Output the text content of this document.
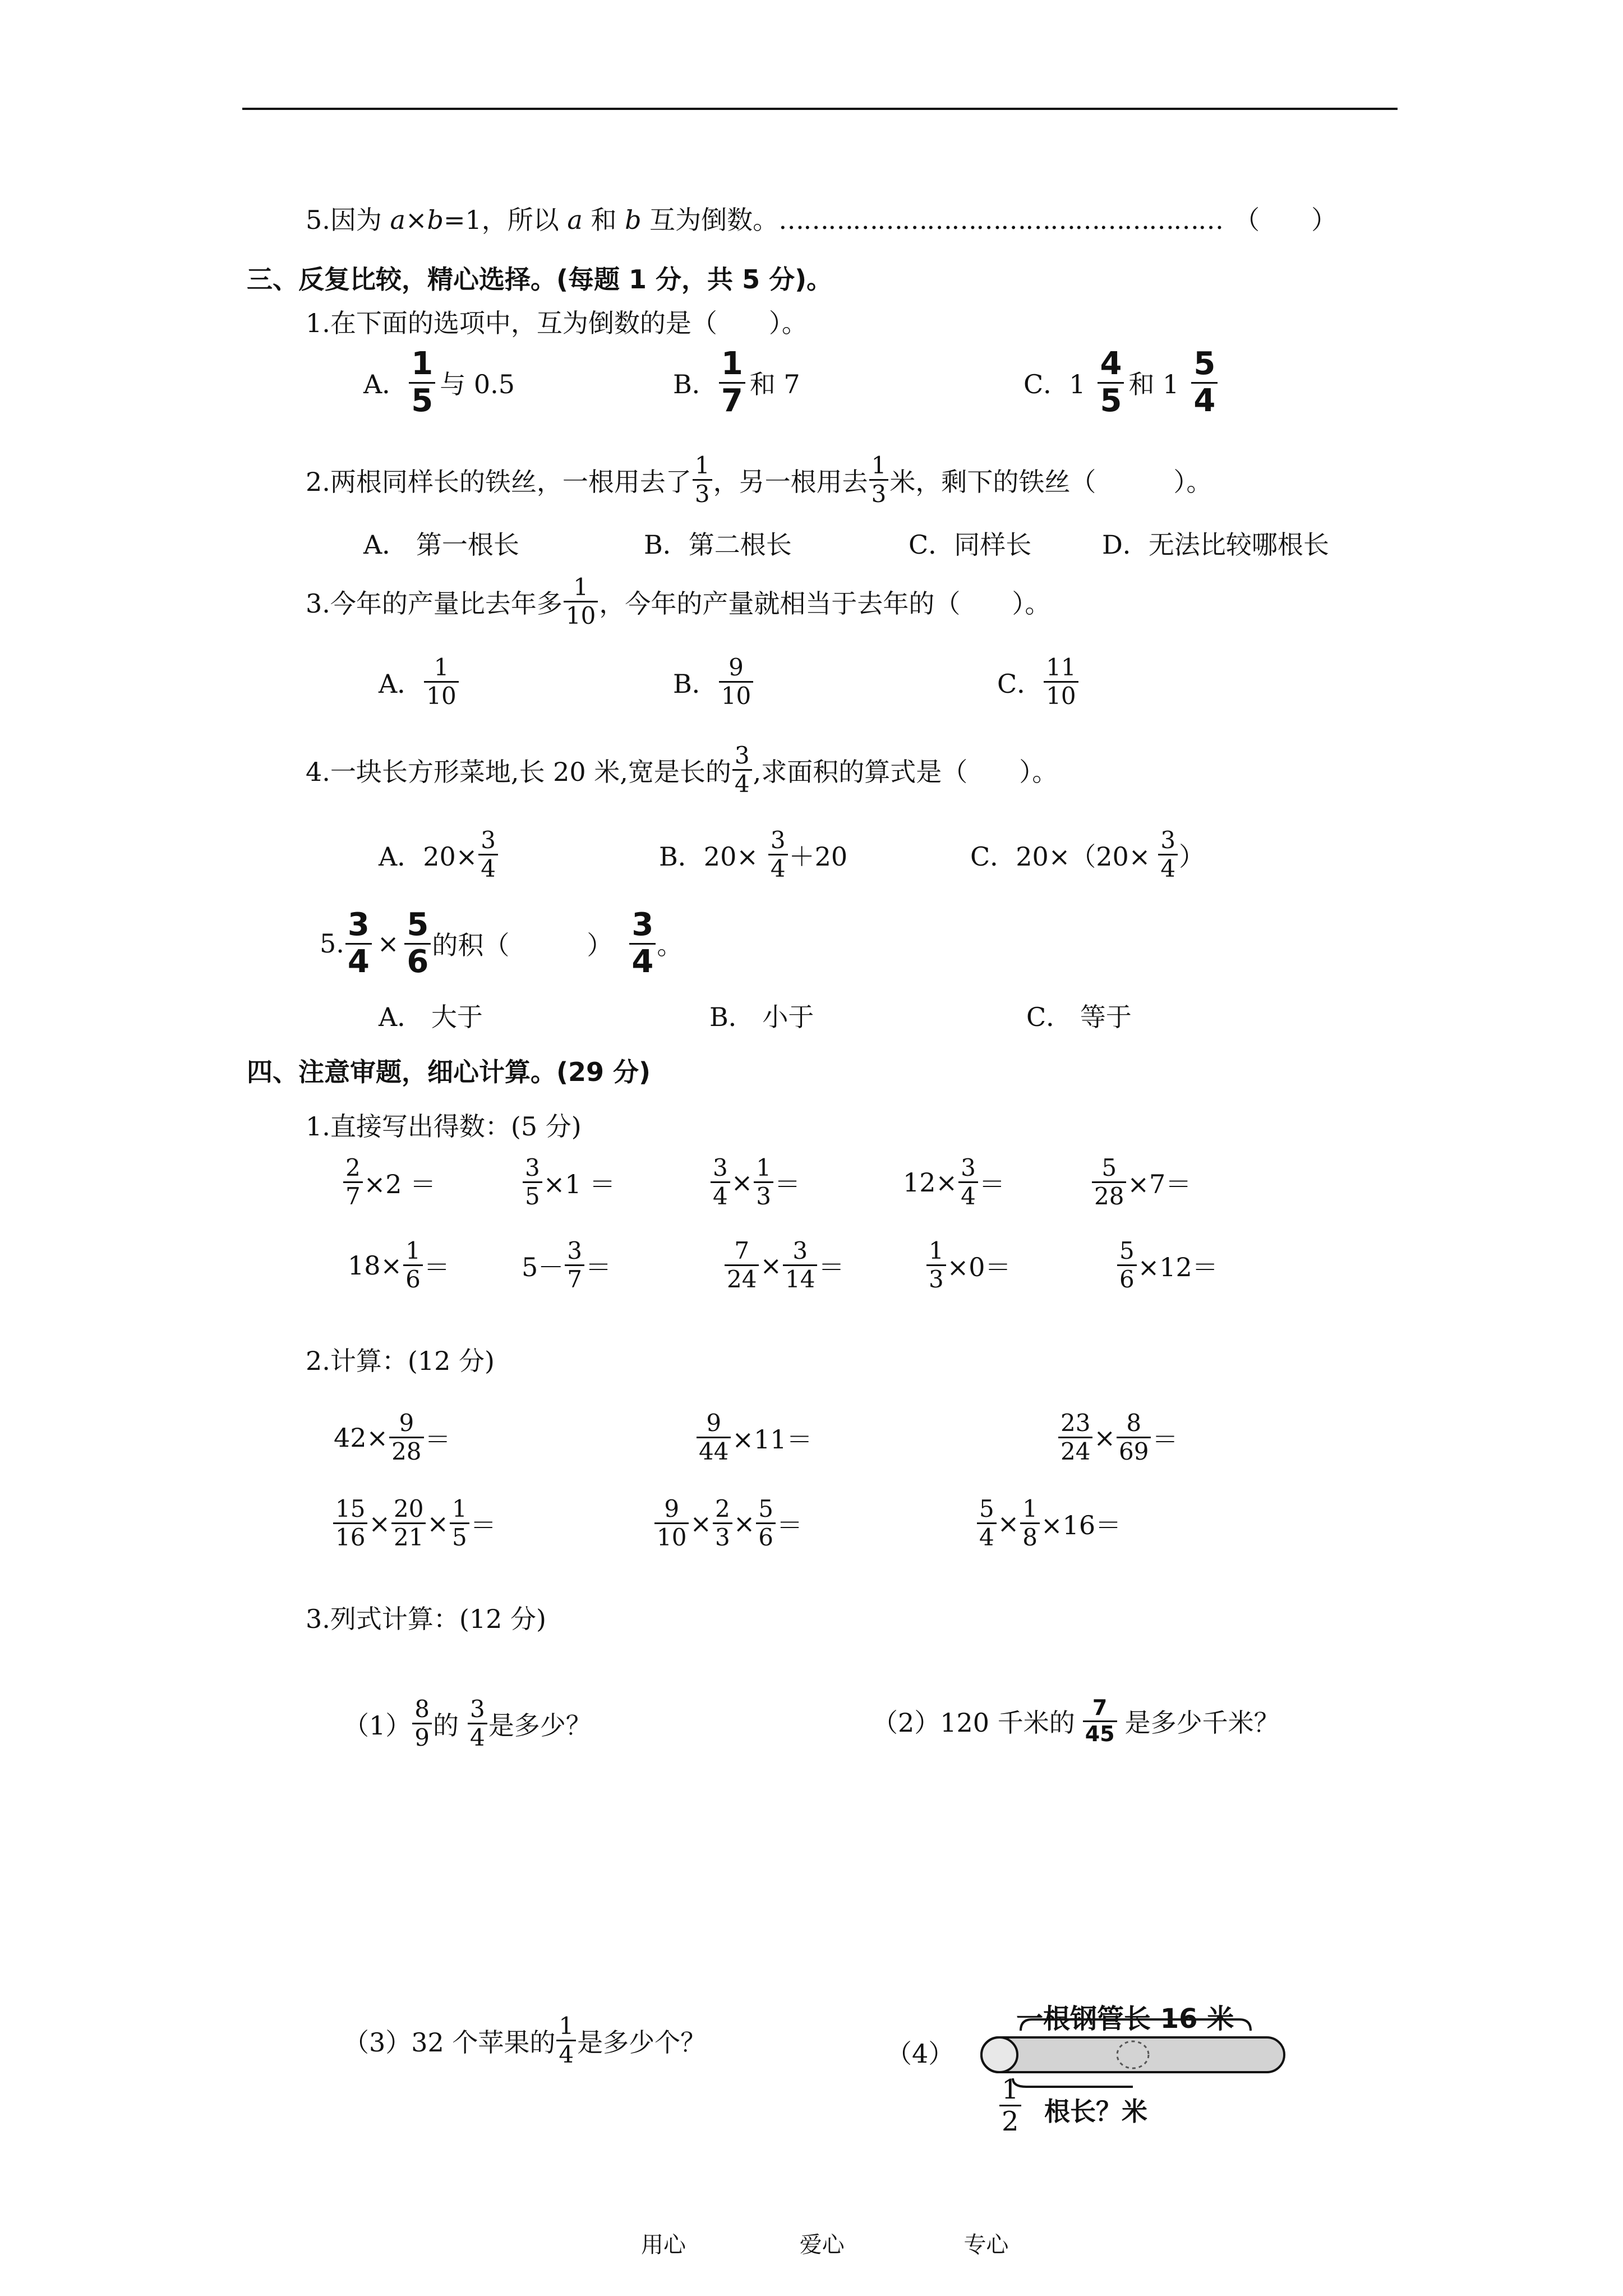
5.因为 a×b=1，所以 a 和 b 互为倒数。……………………………………………… （　　）
三、反复比较，精心选择。(每题 1 分，共 5 分)。
1.在下面的选项中，互为倒数的是（　　）。
A． $\frac{1}{5}$ 与 0.5	B． $\frac{1}{7}$ 和 7	C．$1 \frac{4}{5}$ 和 $1 \frac{5}{4}$
2.两根同样长的铁丝，一根用去了 $\frac{1}{3}$ ，另一根用去 $\frac{1}{3}$ 米，剩下的铁丝（　　　）。
A． 第一根长	B．第二根长	C．同样长	D．无法比较哪根长
3.今年的产量比去年多 $\frac{1}{10}$ ，今年的产量就相当于去年的（　　）。
A． $\frac{1}{10}$	B． $\frac{9}{10}$	C． $\frac{11}{10}$
4.一块长方形菜地,长 20 米,宽是长的 $\frac{3}{4}$ ,求面积的算式是（　　）。
A．$20\times \frac{3}{4}$	B．$20\times \frac{3}{4} +20$	C．$20\times(20\times \frac{3}{4}$ ）
5. $\frac{3}{4} \times \frac{5}{6}$ 的积（　　　） $\frac{3}{4}$ 。
A． 大于	B． 小于	C． 等于
四、注意审题，细心计算。(29 分)
1.直接写出得数：(5 分)
$\frac{2}{7} \times 2$ ＝	$\frac{3}{5} \times 1$ ＝	$\frac{3}{4} \times \frac{1}{3}$ ＝	$12\times \frac{3}{4}$ ＝	$\frac{5}{28} \times 7=$
$18\times \frac{1}{6}$ ＝	$5- \frac{3}{7}$ ＝	$\frac{7}{24} \times \frac{3}{14}$ ＝	$\frac{1}{3} \times 0=$	$\frac{5}{6} \times 12=$
2.计算：(12 分)
$42\times \frac{9}{28}$ ＝	$\frac{9}{44} \times 11=$	$\frac{23}{24} \times \frac{8}{69}$ ＝
$\frac{15}{16} \times \frac{20}{21} \times \frac{1}{5}$ ＝	$\frac{9}{10} \times \frac{2}{3} \times \frac{5}{6}$ ＝	$\frac{5}{4} \times \frac{1}{8} \times 16=$
3.列式计算：(12 分)
$(1) \frac{8}{9}$ 的 $\frac{3}{4}$ 是多少？	（2）120 千米的 $\frac{7}{45}$ 是多少千米？
（3）32 个苹果的 $\frac{1}{4}$ 是多少个？	（4）
一根钢管长 16 米
$\frac{1}{2}$ 根长？米
用心	爱心	专心
